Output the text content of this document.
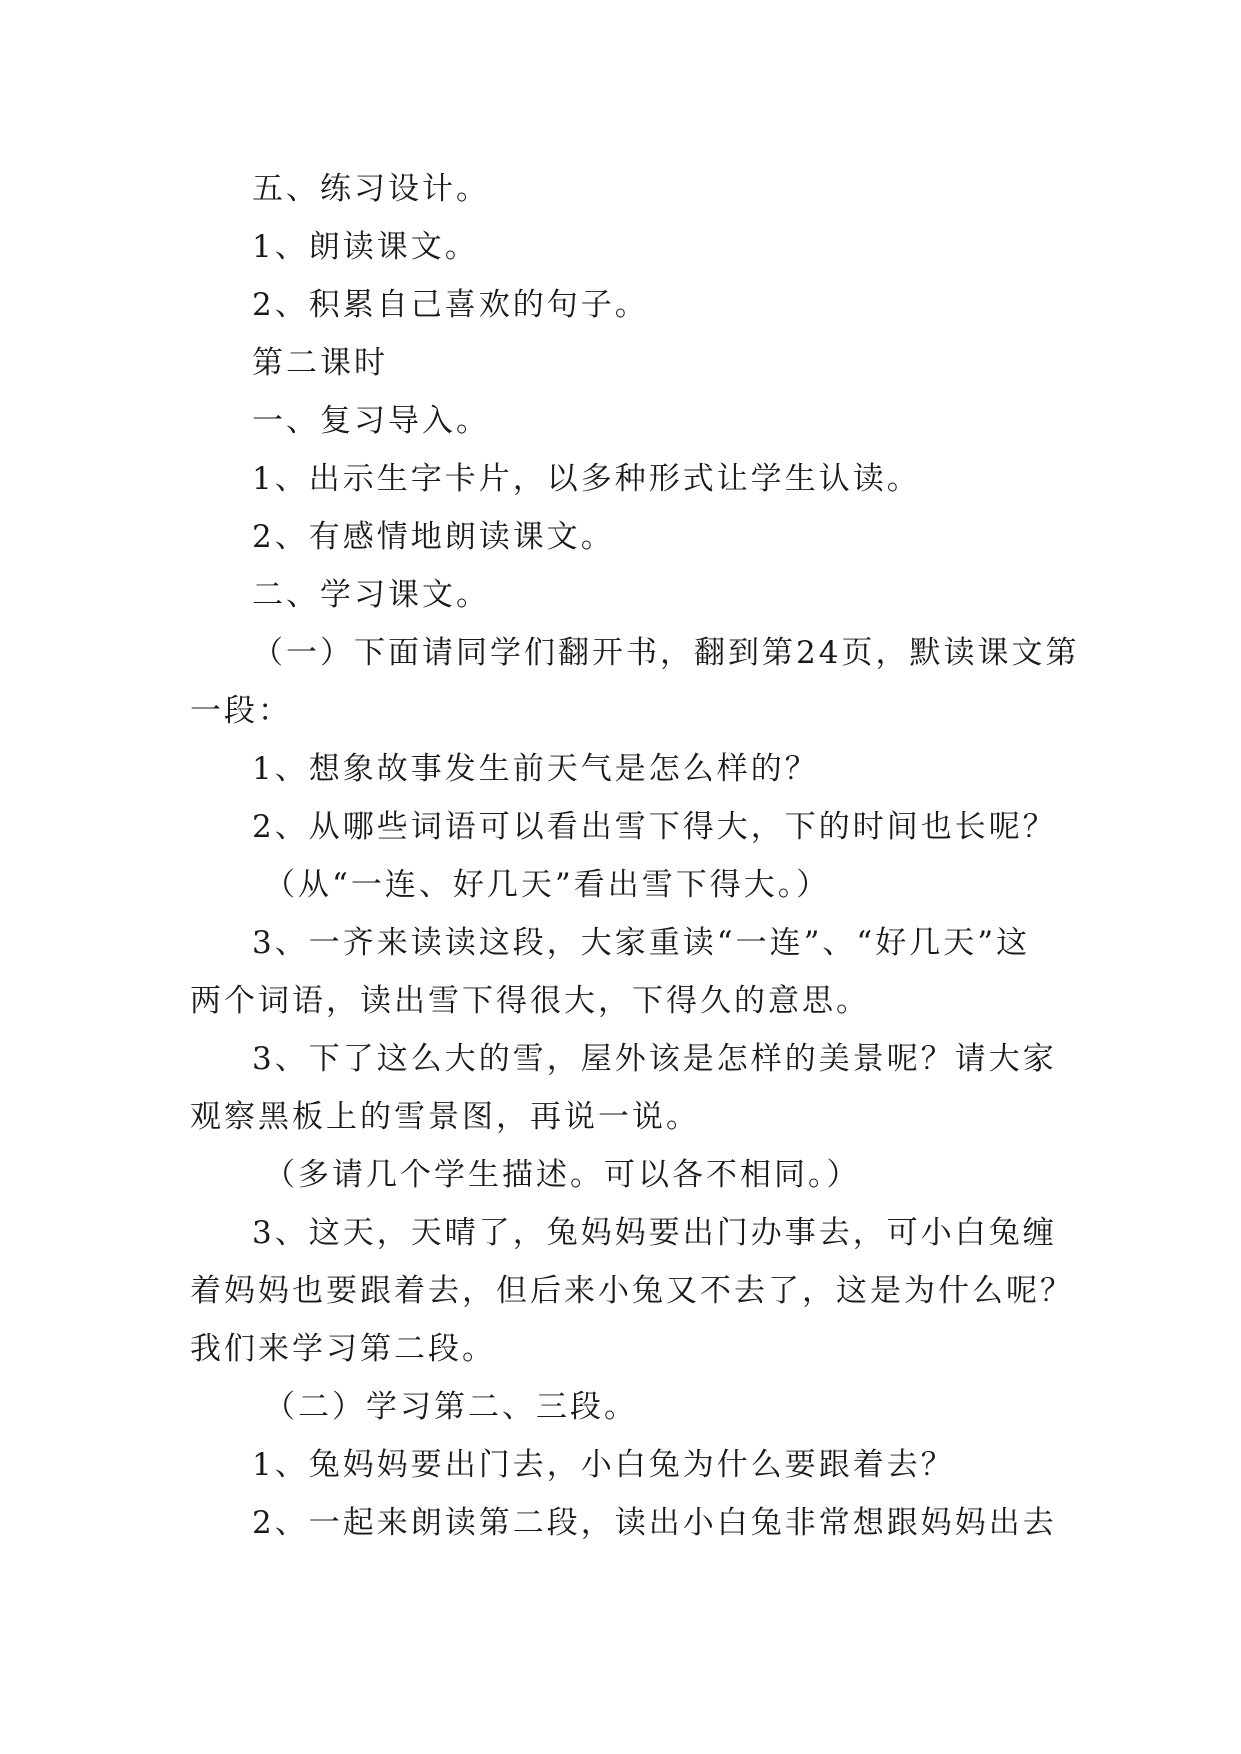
五、练习设计。
1、朗读课文。
2、积累自己喜欢的句子。
第二课时
一、复习导入。
1、出示生字卡片，以多种形式让学生认读。
2、有感情地朗读课文。
二、学习课文。
（一）下面请同学们翻开书，翻到第24页，默读课文第
一段：
1、想象故事发生前天气是怎么样的？
2、从哪些词语可以看出雪下得大，下的时间也长呢？
（从“一连、好几天”看出雪下得大。）
3、一齐来读读这段，大家重读“一连”、“好几天”这
两个词语，读出雪下得很大，下得久的意思。
3、下了这么大的雪，屋外该是怎样的美景呢？请大家
观察黑板上的雪景图，再说一说。
（多请几个学生描述。可以各不相同。）
3、这天，天晴了，兔妈妈要出门办事去，可小白兔缠
着妈妈也要跟着去，但后来小兔又不去了，这是为什么呢？
我们来学习第二段。
（二）学习第二、三段。
1、兔妈妈要出门去，小白兔为什么要跟着去？
2、一起来朗读第二段，读出小白兔非常想跟妈妈出去
